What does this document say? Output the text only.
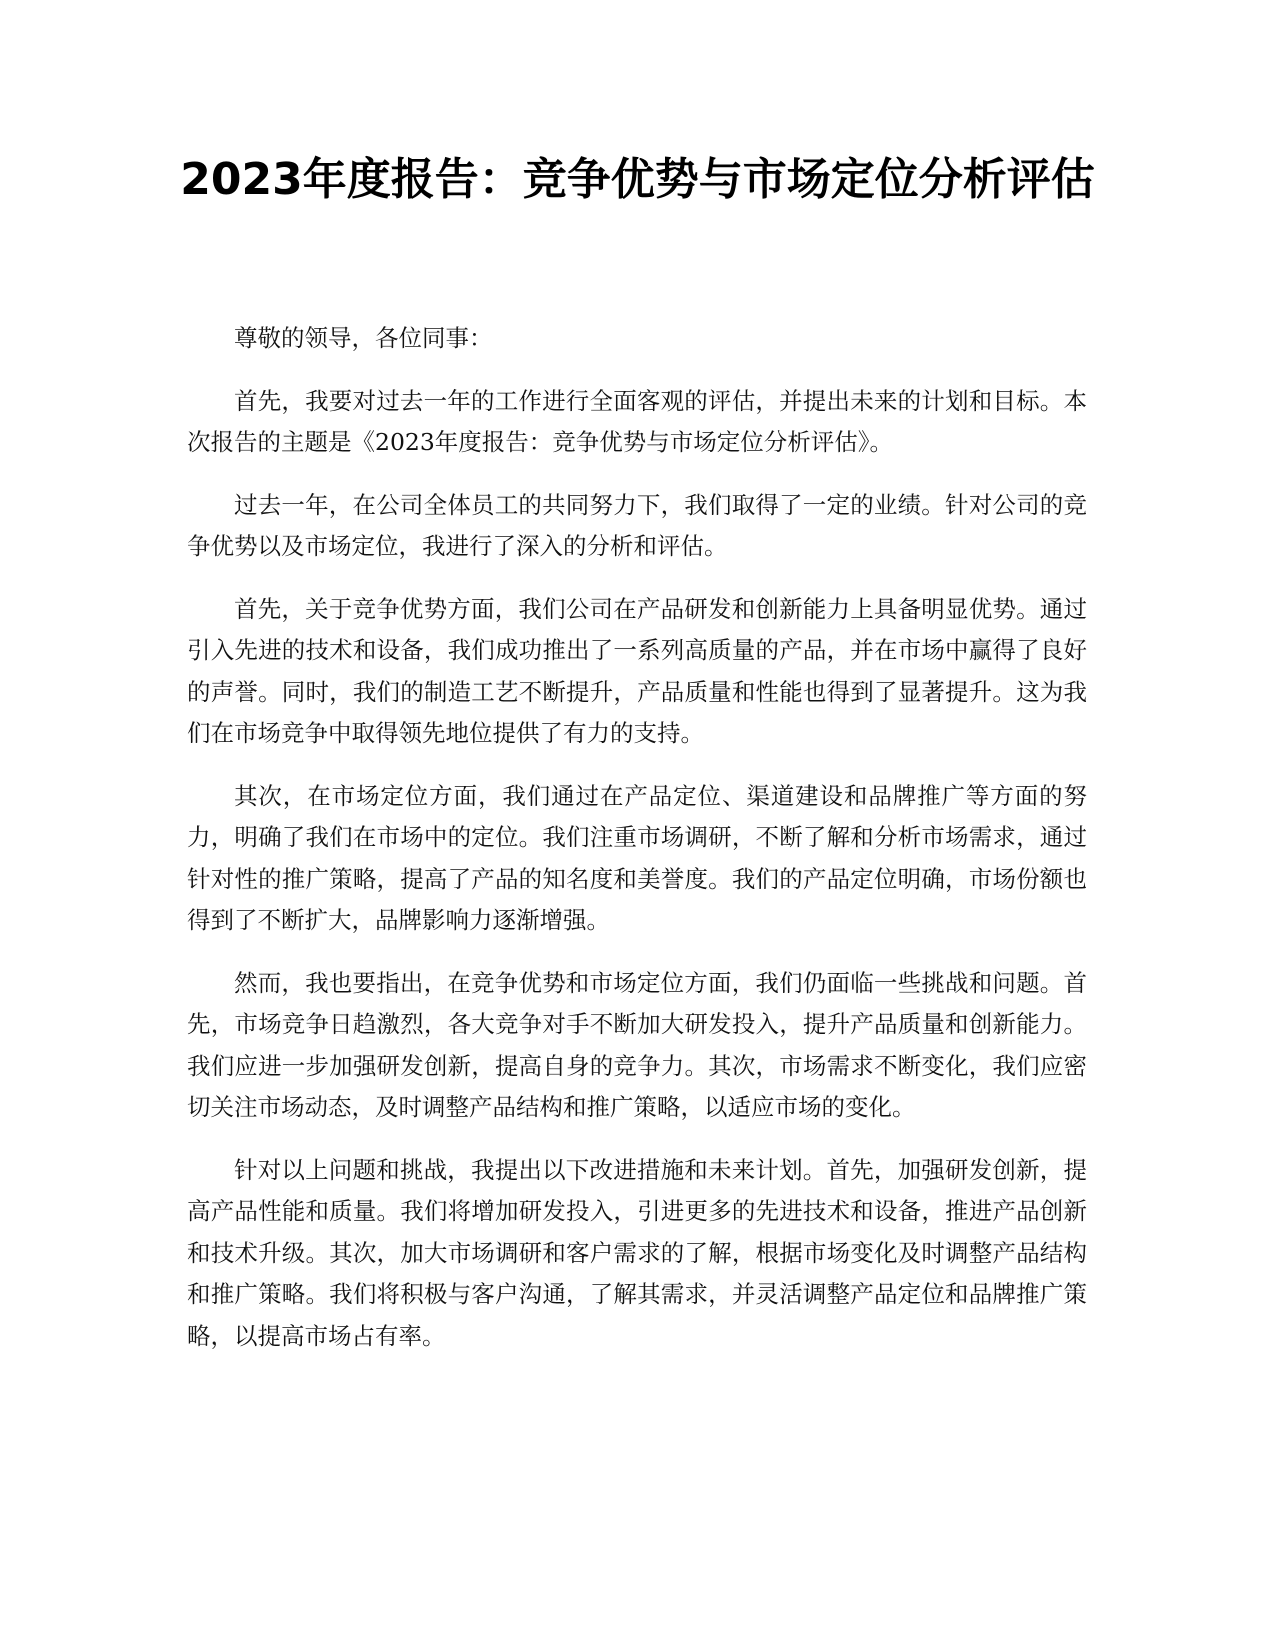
2023年度报告：竞争优势与市场定位分析评估

尊敬的领导，各位同事：

首先，我要对过去一年的工作进行全面客观的评估，并提出未来的计划和目标。本次报告的主题是《2023年度报告：竞争优势与市场定位分析评估》。

过去一年，在公司全体员工的共同努力下，我们取得了一定的业绩。针对公司的竞争优势以及市场定位，我进行了深入的分析和评估。

首先，关于竞争优势方面，我们公司在产品研发和创新能力上具备明显优势。通过引入先进的技术和设备，我们成功推出了一系列高质量的产品，并在市场中赢得了良好的声誉。同时，我们的制造工艺不断提升，产品质量和性能也得到了显著提升。这为我们在市场竞争中取得领先地位提供了有力的支持。

其次，在市场定位方面，我们通过在产品定位、渠道建设和品牌推广等方面的努力，明确了我们在市场中的定位。我们注重市场调研，不断了解和分析市场需求，通过针对性的推广策略，提高了产品的知名度和美誉度。我们的产品定位明确，市场份额也得到了不断扩大，品牌影响力逐渐增强。

然而，我也要指出，在竞争优势和市场定位方面，我们仍面临一些挑战和问题。首先，市场竞争日趋激烈，各大竞争对手不断加大研发投入，提升产品质量和创新能力。我们应进一步加强研发创新，提高自身的竞争力。其次，市场需求不断变化，我们应密切关注市场动态，及时调整产品结构和推广策略，以适应市场的变化。

针对以上问题和挑战，我提出以下改进措施和未来计划。首先，加强研发创新，提高产品性能和质量。我们将增加研发投入，引进更多的先进技术和设备，推进产品创新和技术升级。其次，加大市场调研和客户需求的了解，根据市场变化及时调整产品结构和推广策略。我们将积极与客户沟通，了解其需求，并灵活调整产品定位和品牌推广策略，以提高市场占有率。
